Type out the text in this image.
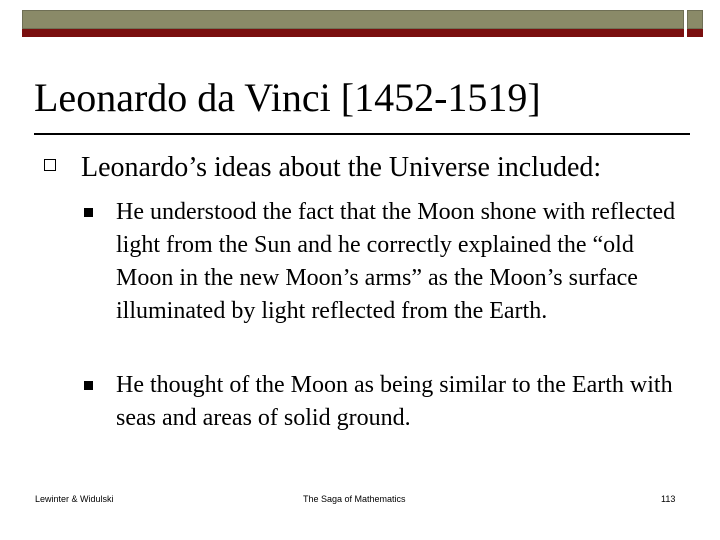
Leonardo da Vinci [1452-1519]
Leonardo’s ideas about the Universe included:
He understood the fact that the Moon shone with reflected light from the Sun and he correctly explained the “old Moon in the new Moon’s arms” as the Moon’s surface illuminated by light reflected from the Earth.
He thought of the Moon as being similar to the Earth with seas and areas of solid ground.
Lewinter & Widulski	The Saga of Mathematics	113
